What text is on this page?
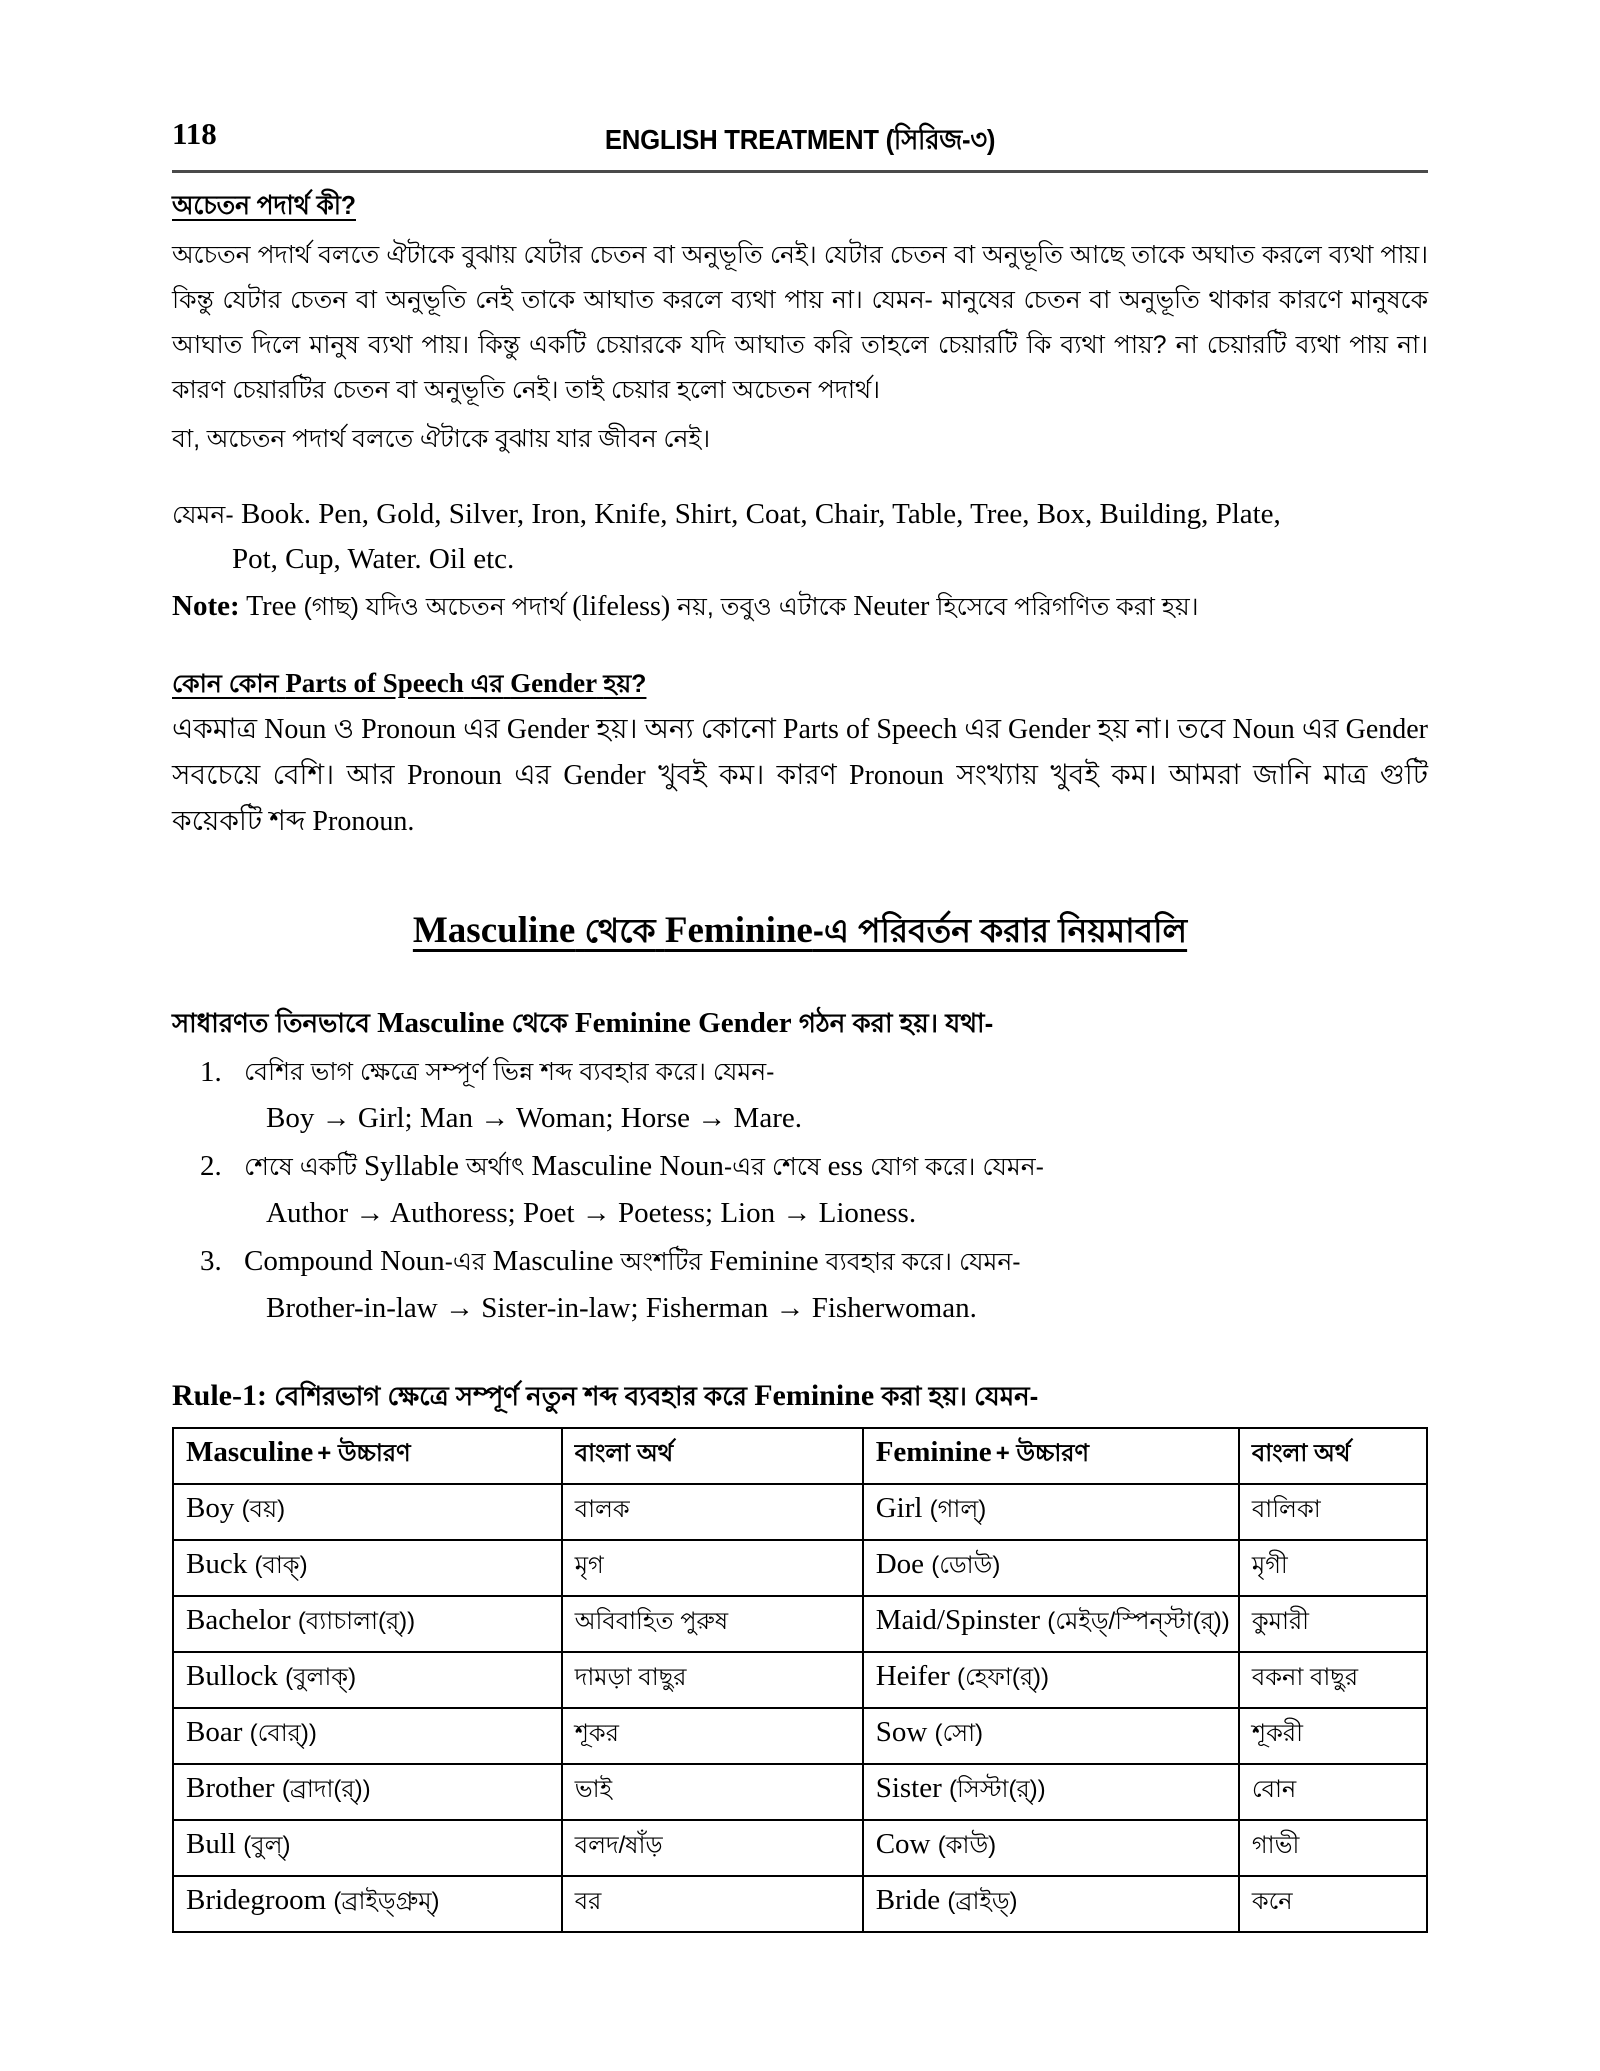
118	ENGLISH TREATMENT (সিরিজ-৩)
অচেতন পদার্থ কী?

অচেতন পদার্থ বলতে ঐটাকে বুঝায় যেটার চেতন বা অনুভূতি নেই। যেটার চেতন বা অনুভূতি আছে তাকে অঘাত করলে ব্যথা পায়। কিন্তু যেটার চেতন বা অনুভূতি নেই তাকে আঘাত করলে ব্যথা পায় না। যেমন- মানুষের চেতন বা অনুভূতি থাকার কারণে মানুষকে আঘাত দিলে মানুষ ব্যথা পায়। কিন্তু একটি চেয়ারকে যদি আঘাত করি তাহলে চেয়ারটি কি ব্যথা পায়? না চেয়ারটি ব্যথা পায় না। কারণ চেয়ারটির চেতন বা অনুভূতি নেই। তাই চেয়ার হলো অচেতন পদার্থ।

বা, অচেতন পদার্থ বলতে ঐটাকে বুঝায় যার জীবন নেই।

যেমন- Book. Pen, Gold, Silver, Iron, Knife, Shirt, Coat, Chair, Table, Tree, Box, Building, Plate,
Pot, Cup, Water. Oil etc.
Note: Tree (গাছ) যদিও অচেতন পদার্থ (lifeless) নয়, তবুও এটাকে Neuter হিসেবে পরিগণিত করা হয়।
কোন কোন Parts of Speech এর Gender হয়?

একমাত্র Noun ও Pronoun এর Gender হয়। অন্য কোনো Parts of Speech এর Gender হয় না। তবে Noun এর Gender সবচেয়ে বেশি। আর Pronoun এর Gender খুবই কম। কারণ Pronoun সংখ্যায় খুবই কম। আমরা জানি মাত্র গুটি কয়েকটি শব্দ Pronoun.

Masculine থেকে Feminine-এ পরিবর্তন করার নিয়মাবলি
সাধারণত তিনভাবে Masculine থেকে Feminine Gender গঠন করা হয়। যথা-
বেশির ভাগ ক্ষেত্রে সম্পূর্ণ ভিন্ন শব্দ ব্যবহার করে। যেমন-
Boy → Girl; Man → Woman; Horse → Mare.
শেষে একটি Syllable অর্থাৎ Masculine Noun-এর শেষে ess যোগ করে। যেমন-
Author → Authoress; Poet → Poetess; Lion → Lioness.
Compound Noun-এর Masculine অংশটির Feminine ব্যবহার করে। যেমন-
Brother-in-law → Sister-in-law; Fisherman → Fisherwoman.
Rule-1: বেশিরভাগ ক্ষেত্রে সম্পূর্ণ নতুন শব্দ ব্যবহার করে Feminine করা হয়। যেমন-
Masculine + উচ্চারণ	বাংলা অর্থ	Feminine + উচ্চারণ	বাংলা অর্থ
Boy (বয়)	বালক	Girl (গাল্)	বালিকা
Buck (বাক্)	মৃগ	Doe (ডোউ)	মৃগী
Bachelor (ব্যাচালা(র্))	অবিবাহিত পুরুষ	Maid/Spinster (মেইড্/স্পিন্স্টা(র্))	কুমারী
Bullock (বুলাক্)	দামড়া বাছুর	Heifer (হেফা(র্))	বকনা বাছুর
Boar (বোর্))	শূকর	Sow (সো)	শূকরী
Brother (ব্রাদা(র্))	ভাই	Sister (সিস্টা(র্))	বোন
Bull (বুল্)	বলদ/ষাঁড়	Cow (কাউ)	গাভী
Bridegroom (ব্রাইড্গ্রুম্)	বর	Bride (ব্রাইড্)	কনে
